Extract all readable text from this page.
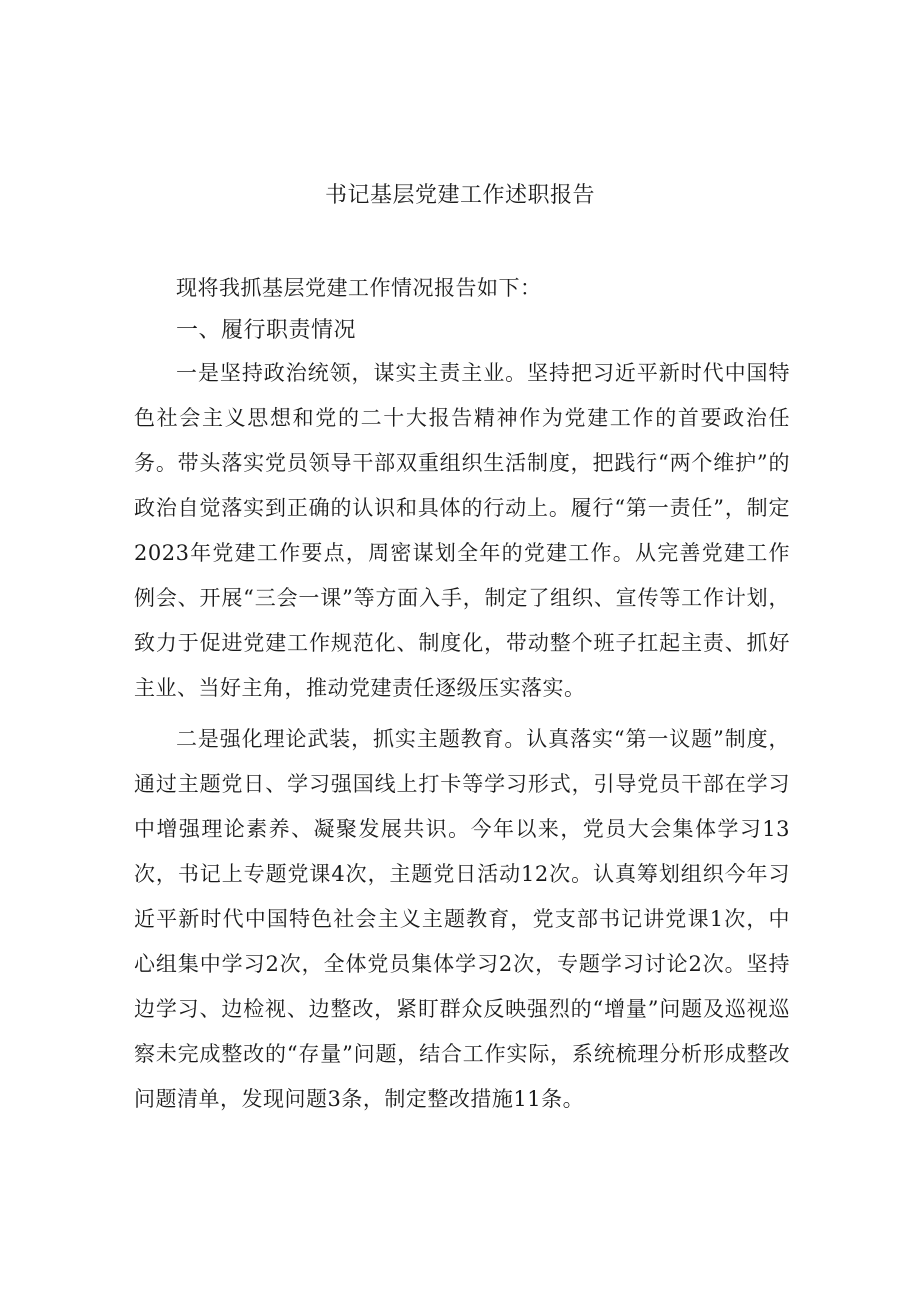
书记基层党建工作述职报告

现将我抓基层党建工作情况报告如下：

一、履行职责情况

一是坚持政治统领，谋实主责主业。坚持把习近平新时代中国特色社会主义思想和党的二十大报告精神作为党建工作的首要政治任务。带头落实党员领导干部双重组织生活制度，把践行“两个维护”的政治自觉落实到正确的认识和具体的行动上。履行“第一责任”，制定2023年党建工作要点，周密谋划全年的党建工作。从完善党建工作例会、开展“三会一课”等方面入手，制定了组织、宣传等工作计划，致力于促进党建工作规范化、制度化，带动整个班子扛起主责、抓好主业、当好主角，推动党建责任逐级压实落实。

二是强化理论武装，抓实主题教育。认真落实“第一议题”制度，通过主题党日、学习强国线上打卡等学习形式，引导党员干部在学习中增强理论素养、凝聚发展共识。今年以来，党员大会集体学习13次，书记上专题党课4次，主题党日活动12次。认真筹划组织今年习近平新时代中国特色社会主义主题教育，党支部书记讲党课1次，中心组集中学习2次，全体党员集体学习2次，专题学习讨论2次。坚持边学习、边检视、边整改，紧盯群众反映强烈的“增量”问题及巡视巡察未完成整改的“存量”问题，结合工作实际，系统梳理分析形成整改问题清单，发现问题3条，制定整改措施11条。
